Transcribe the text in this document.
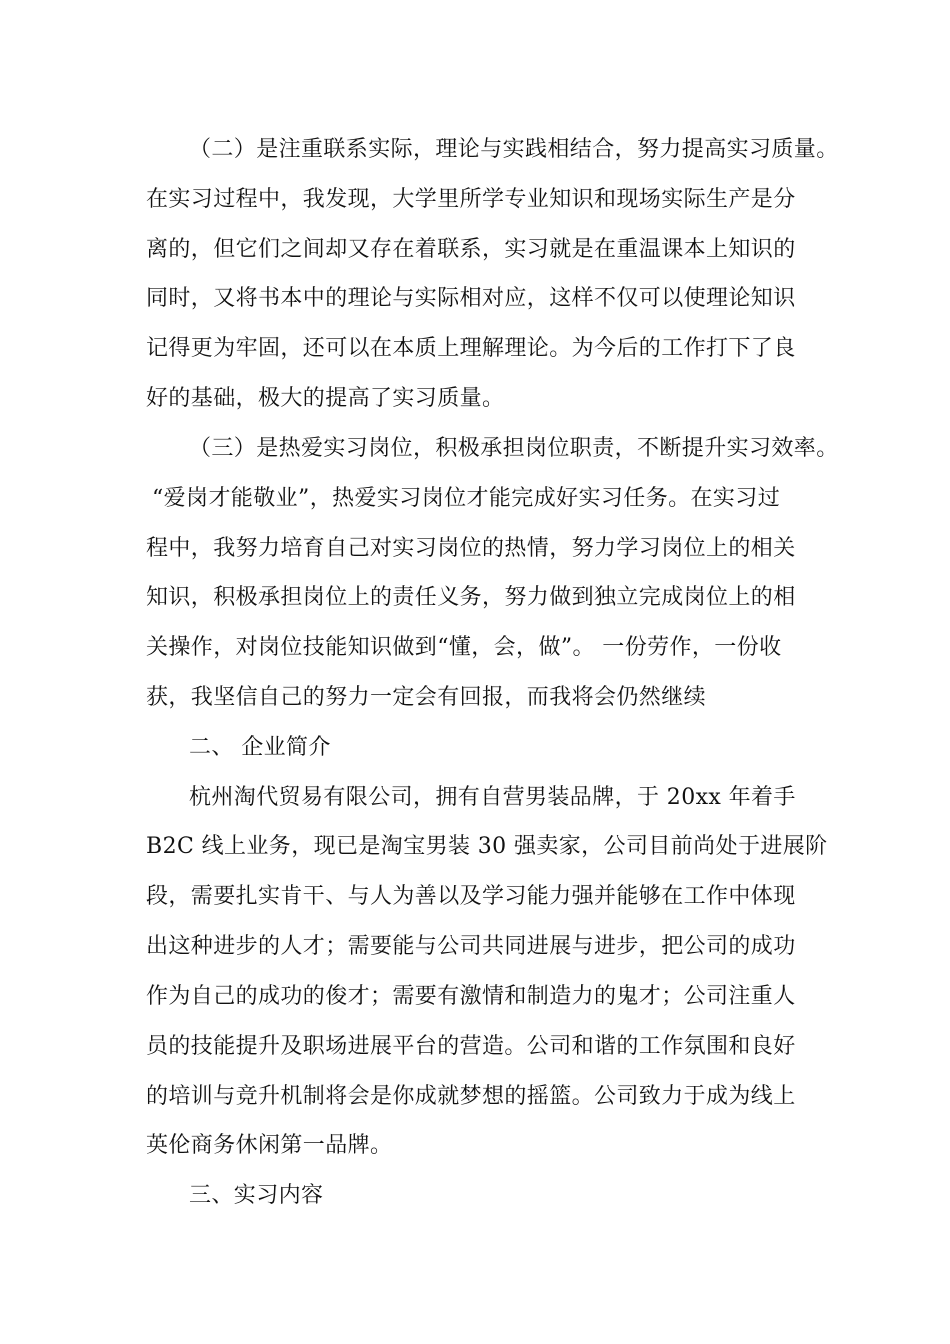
（二）是注重联系实际，理论与实践相结合，努力提高实习质量。
在实习过程中，我发现，大学里所学专业知识和现场实际生产是分
离的，但它们之间却又存在着联系，实习就是在重温课本上知识的
同时，又将书本中的理论与实际相对应，这样不仅可以使理论知识
记得更为牢固，还可以在本质上理解理论。为今后的工作打下了良
好的基础，极大的提高了实习质量。
（三）是热爱实习岗位，积极承担岗位职责，不断提升实习效率。
“爱岗才能敬业”，热爱实习岗位才能完成好实习任务。在实习过
程中，我努力培育自己对实习岗位的热情，努力学习岗位上的相关
知识，积极承担岗位上的责任义务，努力做到独立完成岗位上的相
关操作，对岗位技能知识做到“懂，会，做”。 一份劳作，一份收
获，我坚信自己的努力一定会有回报，而我将会仍然继续
二、 企业简介
杭州淘代贸易有限公司，拥有自营男装品牌，于 20xx 年着手
B2C 线上业务，现已是淘宝男装 30 强卖家，公司目前尚处于进展阶
段，需要扎实肯干、与人为善以及学习能力强并能够在工作中体现
出这种进步的人才；需要能与公司共同进展与进步，把公司的成功
作为自己的成功的俊才；需要有激情和制造力的鬼才；公司注重人
员的技能提升及职场进展平台的营造。公司和谐的工作氛围和良好
的培训与竞升机制将会是你成就梦想的摇篮。公司致力于成为线上
英伦商务休闲第一品牌。
三、实习内容
